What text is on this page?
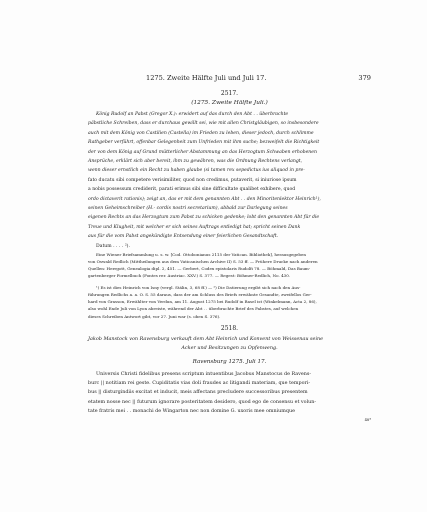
1275. Zweite Hälfte Juli und Juli 17.	379
2517.
(1275. Zweite Hälfte Juli.)

König Rudolf an Pabst (Gregor X.): erwidert auf das durch den Abt . . überbrachte

päbstliche Schreiben, dass er durchaus gewillt sei, wie mit allen Christgläubigen, so insbesondere

auch mit dem König von Castilien (Castella) im Frieden zu leben, dieser jedoch, durch schlimme

Rathgeber verführt, offenbar Gelegenheit zum Unfrieden mit ihm suche; bezweifelt die Richtigkeit

der von dem König auf Grund mütterlicher Abstammung an das Herzogtum Schwaben erhobenen

Ansprüche, erklärt sich aber bereit, ihm zu gewähren, was die Ordnung Rechtens verlangt,

wenn dieser ernstlich ein Recht zu haben glaube (si tamen rex sepedictus ius aliquod in pre-

fato ducatu sibi competere verisimiliter, quod non credimus, putaverit, si iniuriose ipsum

a nobis possessum crediderit, parati erimus sibi sine difficultate qualibet exhibere, quod

ordo dictaverit rationis); zeigt an, das er mit dem genannten Abt . . den Minoritenlektor Heinrich¹),

seinen Geheimschreiber (H.- cordis nostri secretarium), abbald zur Darlegung seines

eigenen Rechts an das Herzogtum zum Pabst zu schicken gedenke; lobt den genannten Abt für die

Treue und Klugheit, mit welcher er sich seines Auftrags entledigt hat; spricht seinen Dank

aus für die vom Pabst angekündigte Entsendung einer feierlichen Gesandtschaft.

Datum . . . . ²).

Eine Wiener Briefsammlung u. s. w. [Cod. Ottobonianus 2115 der Vatican. Bibliothek], herausgegeben

von Oswald Redlich (Mittheilungen aus dem Vaticanischen Archive II) S. 53 ff. — Frühere Drucke nach anderen

Quellen: Herrgott, Genealogia dipl. 2, 451. — Gerbert, Codex epistolaris Rudolfi 78. — Böhmald, Das Baum-

gartenberger Formelbuch (Fontes rer. Austriac. XXV.) S. 377. — Regest: Böhmer-Redlich, No. 430.

¹) Es ist dies Heinrich von Isny (vergl. Stälin, 3, 68 ff.) — ²) Die Datierung ergibt sich nach den Aus-

führungen Redlichs a. a. O. S. 55 daraus, dass der am Schluss des Briefs erwähnte Gesandte, zweifellos Ger-

hard von Grasson, Erwählter von Verdun, am 11. August 1275 bei Rudolf in Basel ist (Winkelmann, Acta 2, 86),

also wohl Ende Juli von Lyon abreiste, während der Abt . . überbrachte Brief des Pabstes, auf welchen

dieses Schreiben Antwort gibt, vor 27. Juni war (s. oben S. 376).

2518.
Jakob Manstock von Ravensburg verkauft dem Abt Heinrich und Konvent von Weissenau seine
Acker und Besitzungen zu Opfenweng.
Ravensburg 1275. Juli 17.

Universis Christi fidelibus presens scriptum intuentibus Jacobus Manstocus de Ravens-

burc || notitiam rei geste. Cupiditatis vias doli fraudes ac litigandi materiam, que tempori-

bus || disturgindiis excitat et inducit, meis affectans precludere successoribus presentem

etatem nosse nec || futurum ignorare posteritatem desidero, quod ego de consensu et volun-

tate fratris mei . . monachi de Wingarton nec non domine G. uxoris mee omniumque

48*
